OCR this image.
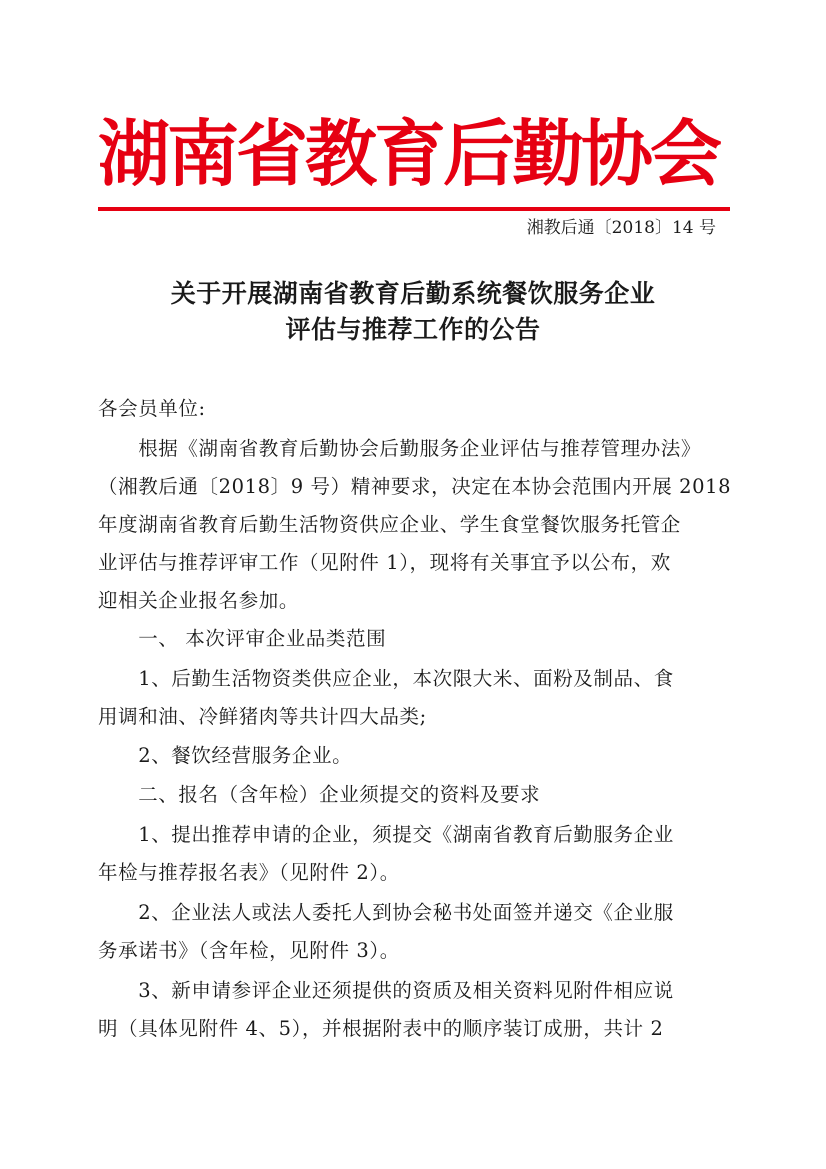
湖南省教育后勤协会
湘教后通〔2018〕14 号
关于开展湖南省教育后勤系统餐饮服务企业
评估与推荐工作的公告
各会员单位:
　　根据《湖南省教育后勤协会后勤服务企业评估与推荐管理办法》
（湘教后通〔2018〕9 号）精神要求，决定在本协会范围内开展 2018
年度湖南省教育后勤生活物资供应企业、学生食堂餐饮服务托管企
业评估与推荐评审工作（见附件 1），现将有关事宜予以公布，欢
迎相关企业报名参加。
　　一、 本次评审企业品类范围
　　1、后勤生活物资类供应企业，本次限大米、面粉及制品、食
用调和油、冷鲜猪肉等共计四大品类;
　　2、餐饮经营服务企业。
　　二、报名（含年检）企业须提交的资料及要求
　　1、提出推荐申请的企业，须提交《湖南省教育后勤服务企业
年检与推荐报名表》（见附件 2）。
　　2、企业法人或法人委托人到协会秘书处面签并递交《企业服
务承诺书》（含年检，见附件 3）。
　　3、新申请参评企业还须提供的资质及相关资料见附件相应说
明（具体见附件 4、5），并根据附表中的顺序装订成册，共计 2
